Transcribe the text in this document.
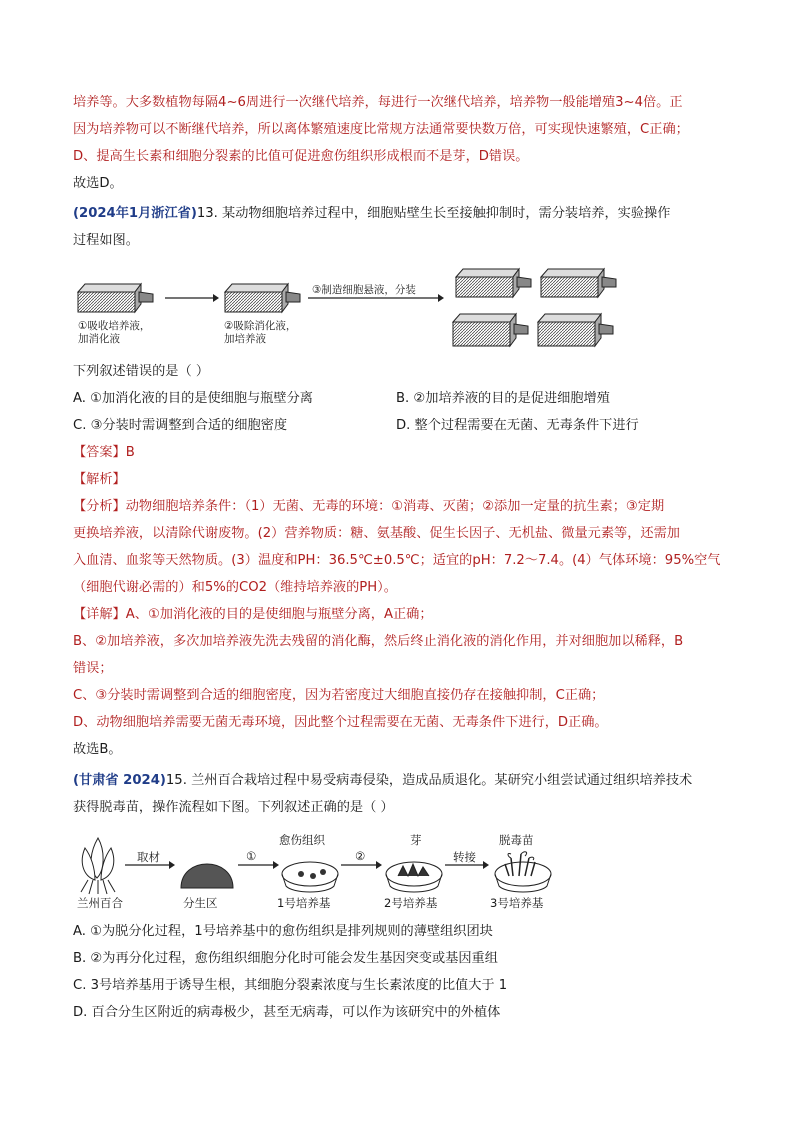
培养等。大多数植物每隔4~6周进行一次继代培养，每进行一次继代培养，培养物一般能增殖3~4倍。正
因为培养物可以不断继代培养，所以离体繁殖速度比常规方法通常要快数万倍，可实现快速繁殖，C正确；
D、提高生长素和细胞分裂素的比值可促进愈伤组织形成根而不是芽，D错误。
故选D。
(2024年1月浙江省)13. 某动物细胞培养过程中，细胞贴壁生长至接触抑制时，需分装培养，实验操作
过程如图。
①吸收培养液，
加消化液
②吸除消化液，
加培养液
③制造细胞悬液，分装
下列叙述错误的是（ ）
A. ①加消化液的目的是使细胞与瓶壁分离	B. ②加培养液的目的是促进细胞增殖
C. ③分装时需调整到合适的细胞密度	D. 整个过程需要在无菌、无毒条件下进行
【答案】B
【解析】
【分析】动物细胞培养条件：（1）无菌、无毒的环境：①消毒、灭菌；②添加一定量的抗生素；③定期
更换培养液，以清除代谢废物。(2）营养物质：糖、氨基酸、促生长因子、无机盐、微量元素等，还需加
入血清、血浆等天然物质。(3）温度和PH：36.5℃±0.5℃；适宜的pH：7.2～7.4。(4）气体环境：95%空气
（细胞代谢必需的）和5%的CO2（维持培养液的PH）。
【详解】A、①加消化液的目的是使细胞与瓶壁分离，A正确；
B、②加培养液，多次加培养液先洗去残留的消化酶，然后终止消化液的消化作用，并对细胞加以稀释，B
错误；
C、③分装时需调整到合适的细胞密度，因为若密度过大细胞直接仍存在接触抑制，C正确；
D、动物细胞培养需要无菌无毒环境，因此整个过程需要在无菌、无毒条件下进行，D正确。
故选B。
(甘肃省 2024)15. 兰州百合栽培过程中易受病毒侵染，造成品质退化。某研究小组尝试通过组织培养技术
获得脱毒苗，操作流程如下图。下列叙述正确的是（ ）
愈伤组织	芽	脱毒苗
取材	①	②	转接
兰州百合	分生区	1号培养基	2号培养基	3号培养基
A. ①为脱分化过程，1号培养基中的愈伤组织是排列规则的薄壁组织团块
B. ②为再分化过程，愈伤组织细胞分化时可能会发生基因突变或基因重组
C. 3号培养基用于诱导生根，其细胞分裂素浓度与生长素浓度的比值大于 1
D. 百合分生区附近的病毒极少，甚至无病毒，可以作为该研究中的外植体
